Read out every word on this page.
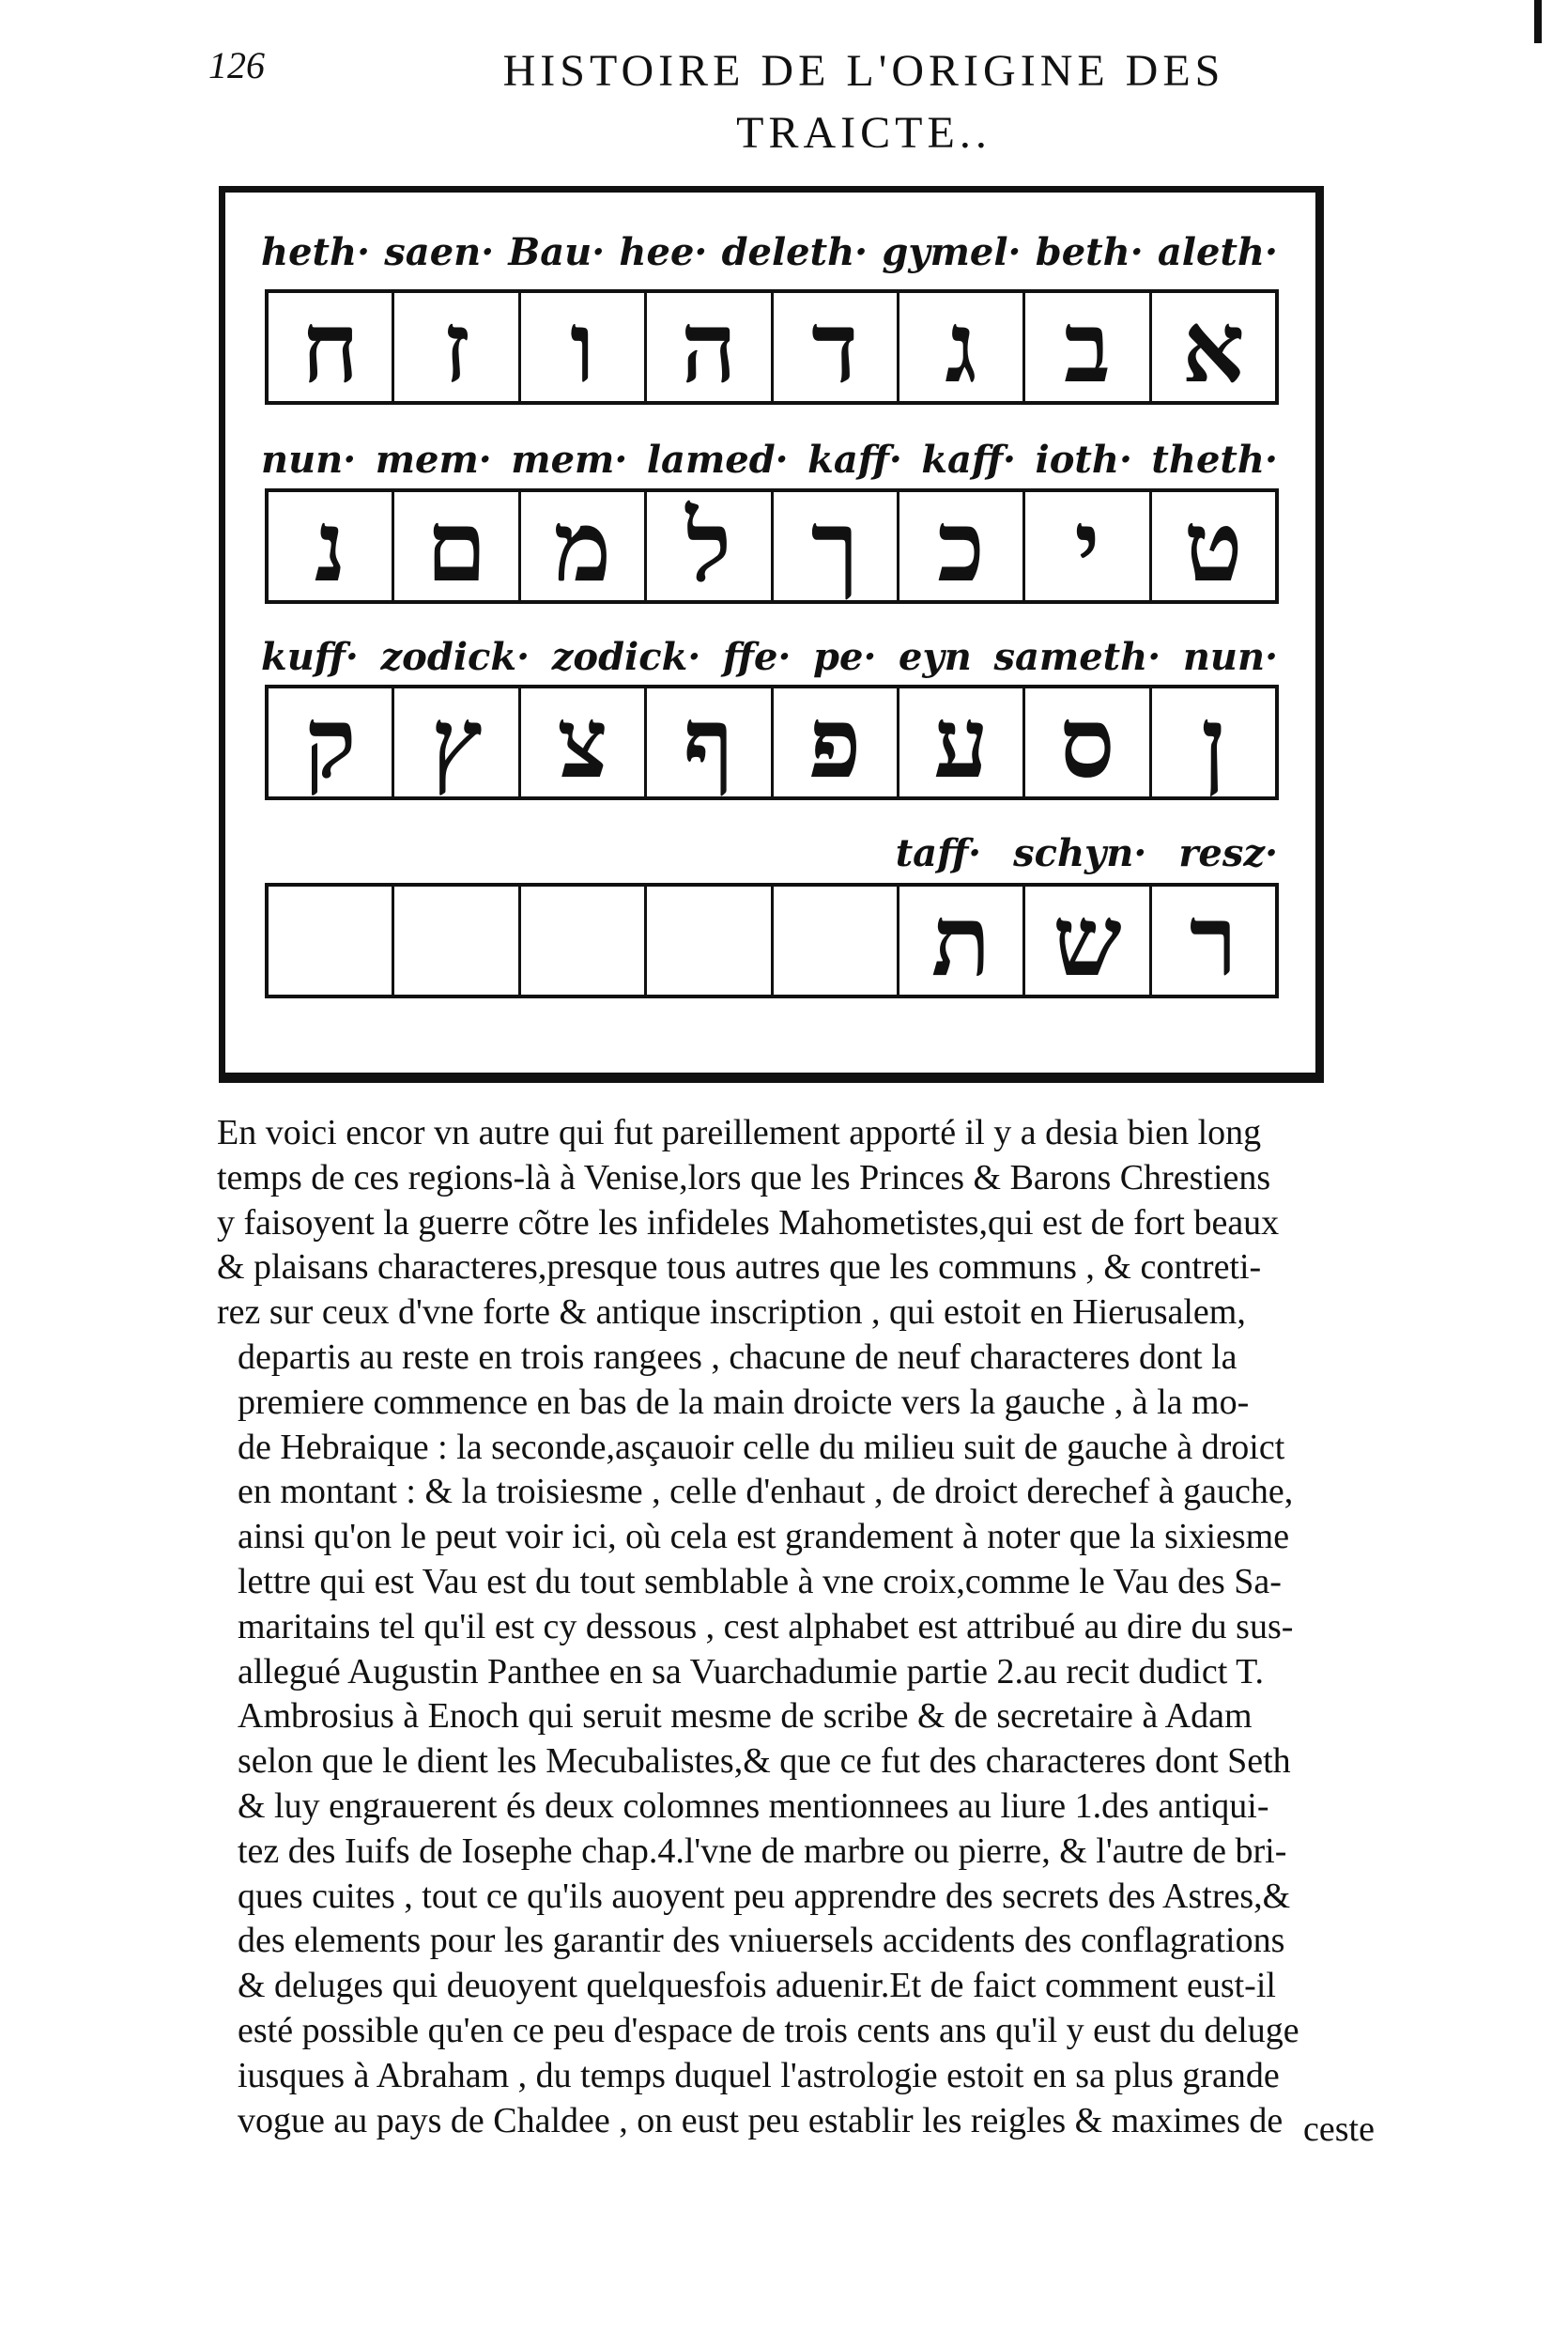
126	HISTOIRE DE L'ORIGINE DES
TRAICTE..
heth· saen· Bau· hee· deleth· gymel· beth· aleth·
ח ז	ו ה ד ג ב א
nun· mem· mem· lamed· kaff· kaff· ioth· theth·
נ ם מ ל ך כ י ט
kuff· zodick· zodick· ffe· pe· eyn sameth· nun·
ק ץ צ ף פ ע ס ן
taff· schyn· resz·
ת ש ר
En voici encor vn autre qui fut pareillement apporté il y a desia bien long
temps de ces regions-là à Venise,lors que les Princes & Barons Chrestiens
y faisoyent la guerre cõtre les infideles Mahometistes,qui est de fort beaux
& plaisans characteres,presque tous autres que les communs , & contreti-
rez sur ceux d'vne forte & antique inscription , qui estoit en Hierusalem,
departis au reste en trois rangees , chacune de neuf characteres dont la
premiere commence en bas de la main droicte vers la gauche , à la mo-
de Hebraique : la seconde,asçauoir celle du milieu suit de gauche à droict
en montant : & la troisiesme , celle d'enhaut , de droict derechef à gauche,
ainsi qu'on le peut voir ici, où cela est grandement à noter que la sixiesme
lettre qui est Vau est du tout semblable à vne croix,comme le Vau des Sa-
maritains tel qu'il est cy dessous , cest alphabet est attribué au dire du sus-
allegué Augustin Panthee en sa Vuarchadumie partie 2.au recit dudict T.
Ambrosius à Enoch qui seruit mesme de scribe & de secretaire à Adam
selon que le dient les Mecubalistes,& que ce fut des characteres dont Seth
& luy engrauerent és deux colomnes mentionnees au liure 1.des antiqui-
tez des Iuifs de Iosephe chap.4.l'vne de marbre ou pierre, & l'autre de bri-
ques cuites , tout ce qu'ils auoyent peu apprendre des secrets des Astres,&
des elements pour les garantir des vniuersels accidents des conflagrations
& deluges qui deuoyent quelquesfois aduenir.Et de faict comment eust-il
esté possible qu'en ce peu d'espace de trois cents ans qu'il y eust du deluge
iusques à Abraham , du temps duquel l'astrologie estoit en sa plus grande
vogue au pays de Chaldee , on eust peu establir les reigles & maximes de ceste
